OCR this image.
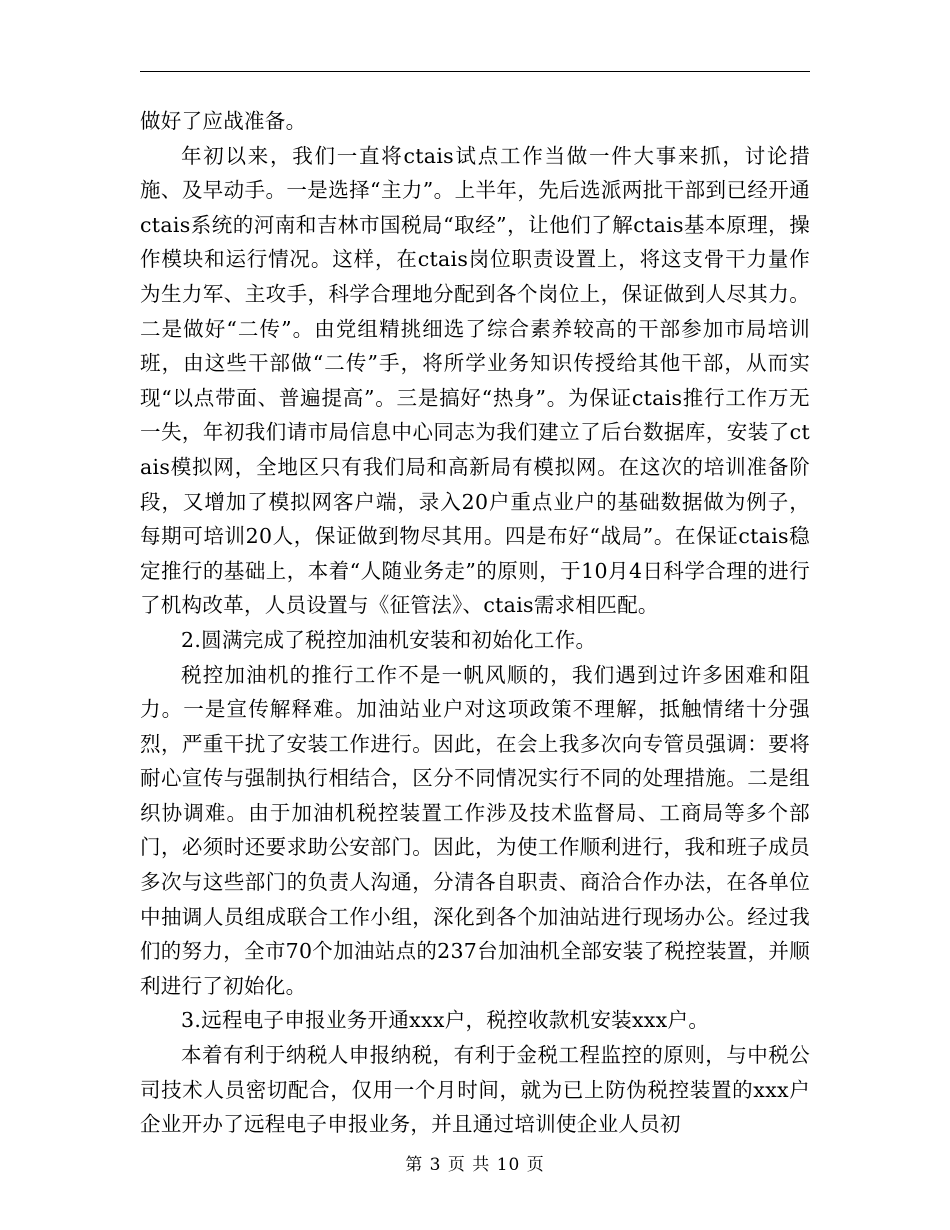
做好了应战准备。

年初以来，我们一直将ctais试点工作当做一件大事来抓，讨论措施、及早动手。一是选择“主力”。上半年，先后选派两批干部到已经开通ctais系统的河南和吉林市国税局“取经”，让他们了解ctais基本原理，操作模块和运行情况。这样，在ctais岗位职责设置上，将这支骨干力量作为生力军、主攻手，科学合理地分配到各个岗位上，保证做到人尽其力。二是做好“二传”。由党组精挑细选了综合素养较高的干部参加市局培训班，由这些干部做“二传”手，将所学业务知识传授给其他干部，从而实现“以点带面、普遍提高”。三是搞好“热身”。为保证ctais推行工作万无一失，年初我们请市局信息中心同志为我们建立了后台数据库，安装了ctais模拟网，全地区只有我们局和高新局有模拟网。在这次的培训准备阶段，又增加了模拟网客户端，录入20户重点业户的基础数据做为例子，每期可培训20人，保证做到物尽其用。四是布好“战局”。在保证ctais稳定推行的基础上，本着“人随业务走”的原则，于10月4日科学合理的进行了机构改革，人员设置与《征管法》、ctais需求相匹配。

2.圆满完成了税控加油机安装和初始化工作。

税控加油机的推行工作不是一帆风顺的，我们遇到过许多困难和阻力。一是宣传解释难。加油站业户对这项政策不理解，抵触情绪十分强烈，严重干扰了安装工作进行。因此，在会上我多次向专管员强调：要将耐心宣传与强制执行相结合，区分不同情况实行不同的处理措施。二是组织协调难。由于加油机税控装置工作涉及技术监督局、工商局等多个部门，必须时还要求助公安部门。因此，为使工作顺利进行，我和班子成员多次与这些部门的负责人沟通，分清各自职责、商洽合作办法，在各单位中抽调人员组成联合工作小组，深化到各个加油站进行现场办公。经过我们的努力，全市70个加油站点的237台加油机全部安装了税控装置，并顺利进行了初始化。

3.远程电子申报业务开通xxx户，税控收款机安装xxx户。

本着有利于纳税人申报纳税，有利于金税工程监控的原则，与中税公司技术人员密切配合，仅用一个月时间，就为已上防伪税控装置的xxx户企业开办了远程电子申报业务，并且通过培训使企业人员初

第 3 页 共 10 页
